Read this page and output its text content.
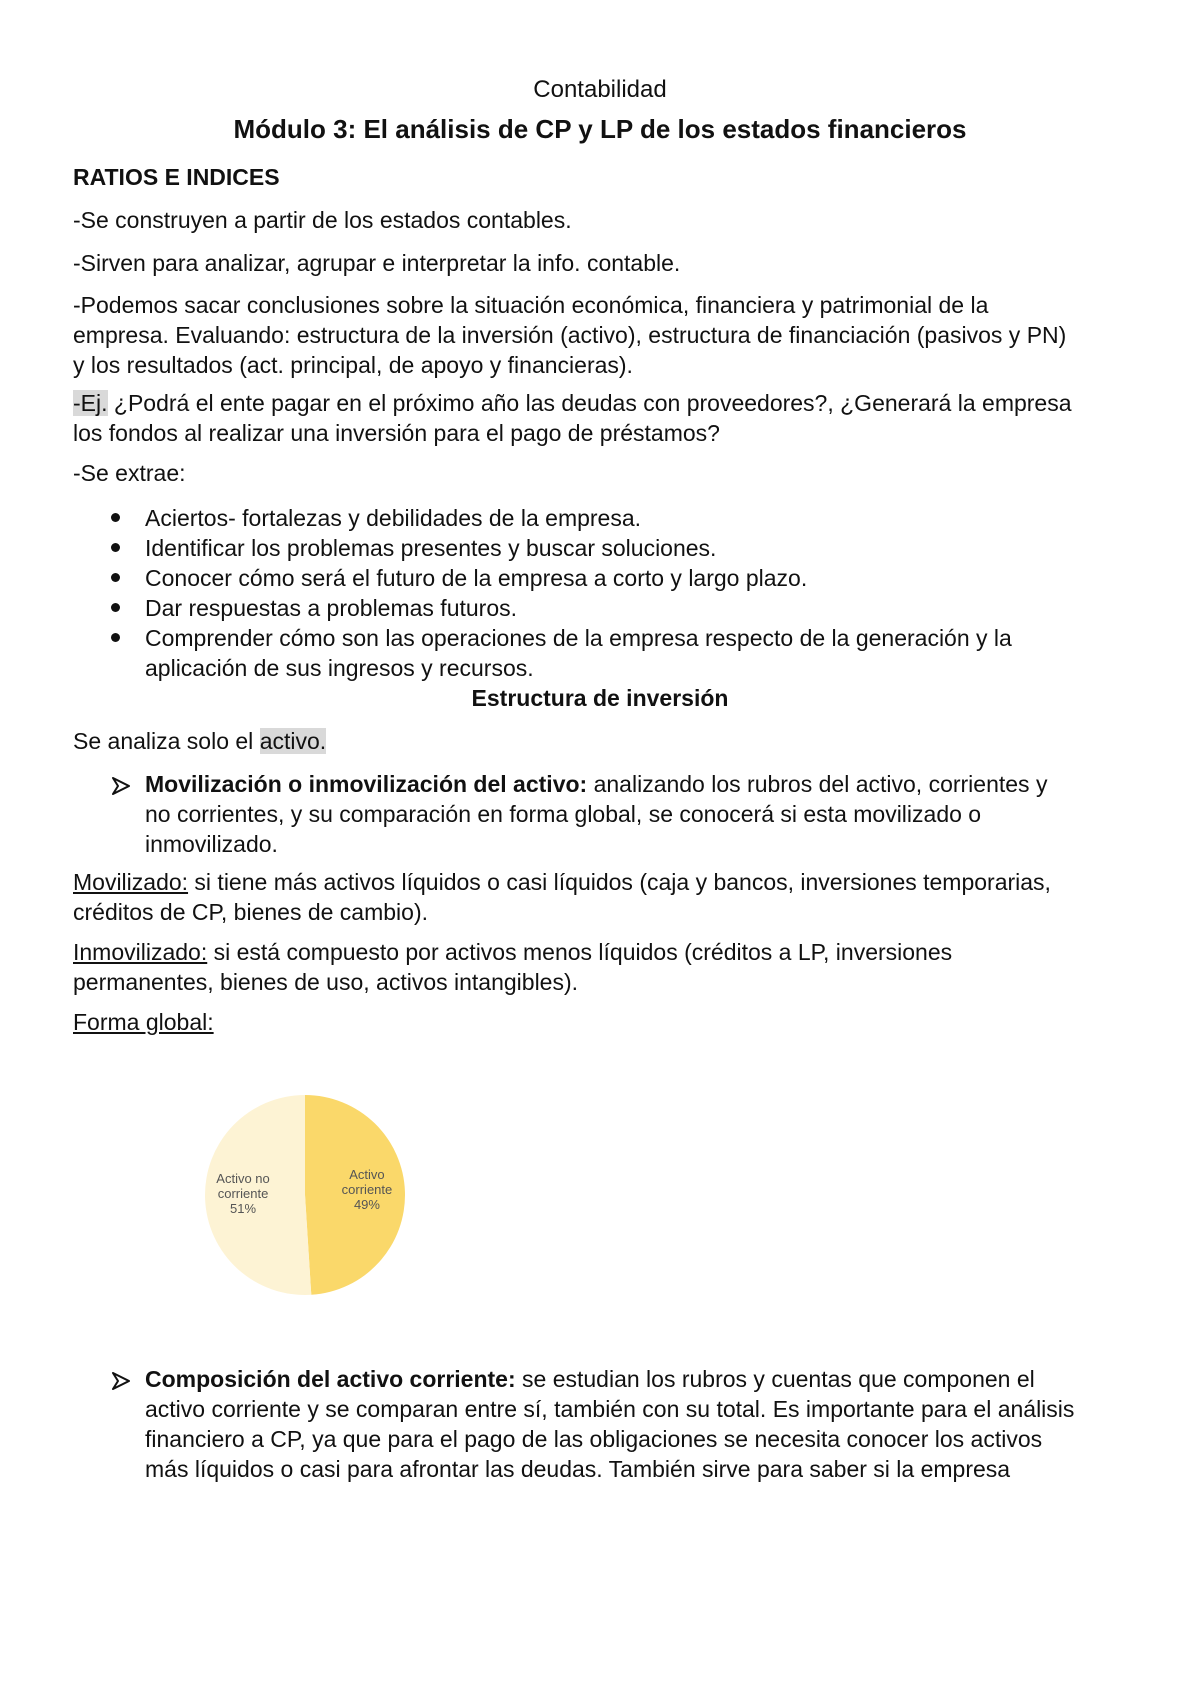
Contabilidad
Módulo 3: El análisis de CP y LP de los estados financieros
RATIOS E INDICES
-Se construyen a partir de los estados contables.
-Sirven para analizar, agrupar e interpretar la info. contable.
-Podemos sacar conclusiones sobre la situación económica, financiera y patrimonial de la
empresa. Evaluando: estructura de la inversión (activo), estructura de financiación (pasivos y PN)
y los resultados (act. principal, de apoyo y financieras).
-Ej. ¿Podrá el ente pagar en el próximo año las deudas con proveedores?, ¿Generará la empresa
los fondos al realizar una inversión para el pago de préstamos?
-Se extrae:
Aciertos- fortalezas y debilidades de la empresa.
Identificar los problemas presentes y buscar soluciones.
Conocer cómo será el futuro de la empresa a corto y largo plazo.
Dar respuestas a problemas futuros.
Comprender cómo son las operaciones de la empresa respecto de la generación y la
aplicación de sus ingresos y recursos.
Estructura de inversión
Se analiza solo el activo.
Movilización o inmovilización del activo: analizando los rubros del activo, corrientes y
no corrientes, y su comparación en forma global, se conocerá si esta movilizado o
inmovilizado.
Movilizado: si tiene más activos líquidos o casi líquidos (caja y bancos, inversiones temporarias,
créditos de CP, bienes de cambio).
Inmovilizado: si está compuesto por activos menos líquidos (créditos a LP, inversiones
permanentes, bienes de uso, activos intangibles).
Forma global:
Activo corriente 49%
Activo no corriente 51%
Composición del activo corriente: se estudian los rubros y cuentas que componen el
activo corriente y se comparan entre sí, también con su total. Es importante para el análisis
financiero a CP, ya que para el pago de las obligaciones se necesita conocer los activos
más líquidos o casi para afrontar las deudas. También sirve para saber si la empresa
